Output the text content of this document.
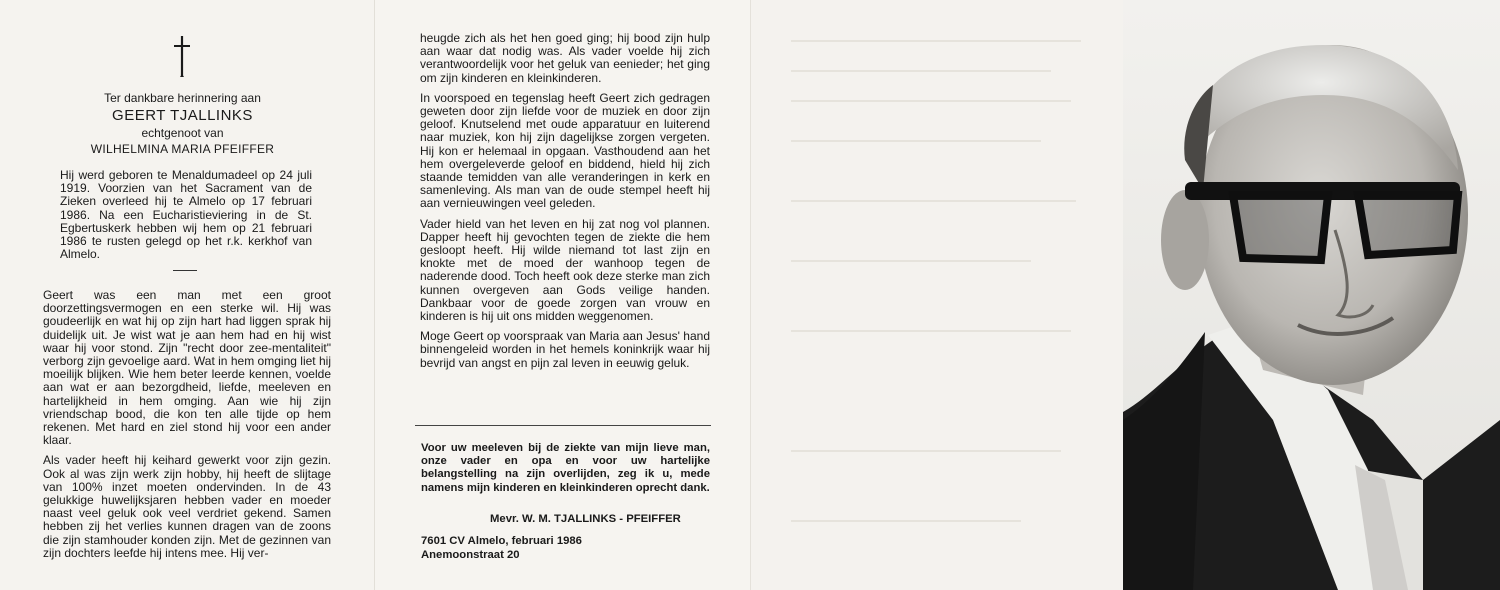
Ter dankbare herinnering aan
GEERT TJALLINKS
echtgenoot van
WILHELMINA MARIA PFEIFFER

Hij werd geboren te Menaldumadeel op 24 juli 1919. Voorzien van het Sacrament van de Zieken overleed hij te Almelo op 17 februari 1986. Na een Eucharistieviering in de St. Egbertuskerk hebben wij hem op 21 februari 1986 te rusten gelegd op het r.k. kerkhof van Almelo.

Geert was een man met een groot doorzettingsvermogen en een sterke wil. Hij was goudeerlijk en wat hij op zijn hart had liggen sprak hij duidelijk uit. Je wist wat je aan hem had en hij wist waar hij voor stond. Zijn "recht door zee-mentaliteit" verborg zijn gevoelige aard. Wat in hem omging liet hij moeilijk blijken. Wie hem beter leerde kennen, voelde aan wat er aan bezorgdheid, liefde, meeleven en hartelijkheid in hem omging. Aan wie hij zijn vriendschap bood, die kon ten alle tijde op hem rekenen. Met hard en ziel stond hij voor een ander klaar.

Als vader heeft hij keihard gewerkt voor zijn gezin. Ook al was zijn werk zijn hobby, hij heeft de slijtage van 100% inzet moeten ondervinden. In de 43 gelukkige huwelijksjaren hebben vader en moeder naast veel geluk ook veel verdriet gekend. Samen hebben zij het verlies kunnen dragen van de zoons die zijn stamhouder konden zijn. Met de gezinnen van zijn dochters leefde hij intens mee. Hij ver-

heugde zich als het hen goed ging; hij bood zijn hulp aan waar dat nodig was. Als vader voelde hij zich verantwoordelijk voor het geluk van eenieder; het ging om zijn kinderen en kleinkinderen.

In voorspoed en tegenslag heeft Geert zich gedragen geweten door zijn liefde voor de muziek en door zijn geloof. Knutselend met oude apparatuur en luiterend naar muziek, kon hij zijn dagelijkse zorgen vergeten. Hij kon er helemaal in opgaan. Vasthoudend aan het hem overgeleverde geloof en biddend, hield hij zich staande temidden van alle veranderingen in kerk en samenleving. Als man van de oude stempel heeft hij aan vernieuwingen veel geleden.

Vader hield van het leven en hij zat nog vol plannen. Dapper heeft hij gevochten tegen de ziekte die hem gesloopt heeft. Hij wilde niemand tot last zijn en knokte met de moed der wanhoop tegen de naderende dood. Toch heeft ook deze sterke man zich kunnen overgeven aan Gods veilige handen. Dankbaar voor de goede zorgen van vrouw en kinderen is hij uit ons midden weggenomen.

Moge Geert op voorspraak van Maria aan Jesus' hand binnengeleid worden in het hemels koninkrijk waar hij bevrijd van angst en pijn zal leven in eeuwig geluk.

Voor uw meeleven bij de ziekte van mijn lieve man, onze vader en opa en voor uw hartelijke belangstelling na zijn overlijden, zeg ik u, mede namens mijn kinderen en kleinkinderen oprecht dank.

Mevr. W. M. TJALLINKS - PFEIFFER
7601 CV Almelo, februari 1986
Anemoonstraat 20
